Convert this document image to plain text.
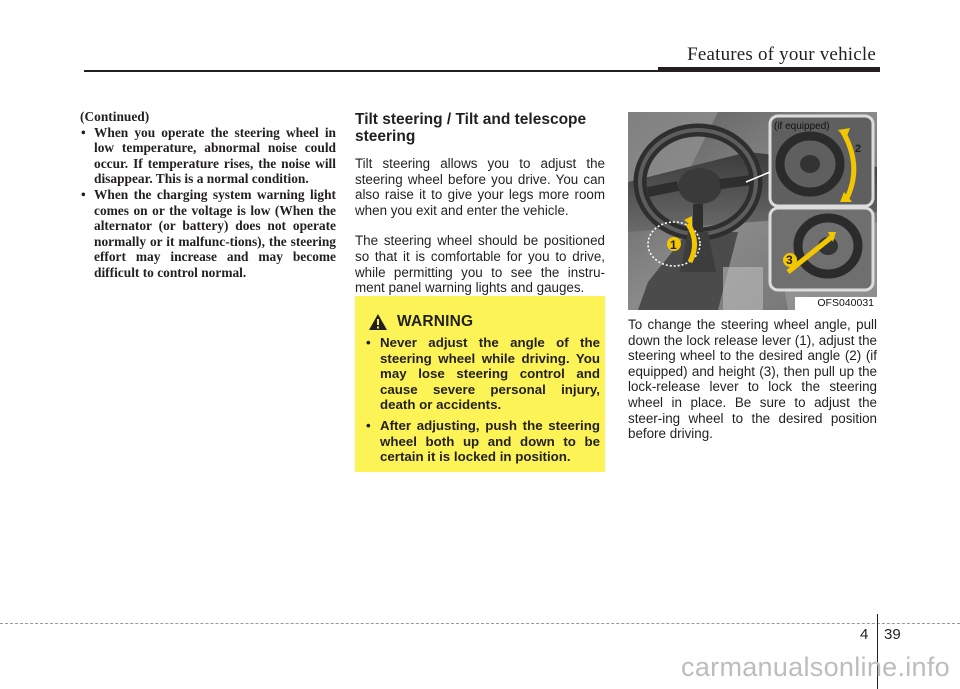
Features of your vehicle

(Continued)

• When you operate the steering wheel in low temperature, abnormal noise could occur. If temperature rises, the noise will disappear. This is a normal condition.
• When the charging system warning light comes on or the voltage is low (When the alternator (or battery) does not operate normally or it malfunc-tions), the steering effort may increase and may become difficult to control normal.
Tilt steering / Tilt and telescope steering

Tilt steering allows you to adjust the steering wheel before you drive. You can also raise it to give your legs more room when you exit and enter the vehicle.

The steering wheel should be positioned so that it is comfortable for you to drive, while permitting you to see the instru-ment panel warning lights and gauges.

WARNING
• Never adjust the angle of the steering wheel while driving. You may lose steering control and cause severe personal injury, death or accidents.
• After adjusting, push the steering wheel both up and down to be certain it is locked in position.
1
2
3
(if equipped)
OFS040031

To change the steering wheel angle, pull down the lock release lever (1), adjust the steering wheel to the desired angle (2) (if equipped) and height (3), then pull up the lock-release lever to lock the steering wheel in place. Be sure to adjust the steer-ing wheel to the desired position before driving.

4 39
carmanualsonline.info
